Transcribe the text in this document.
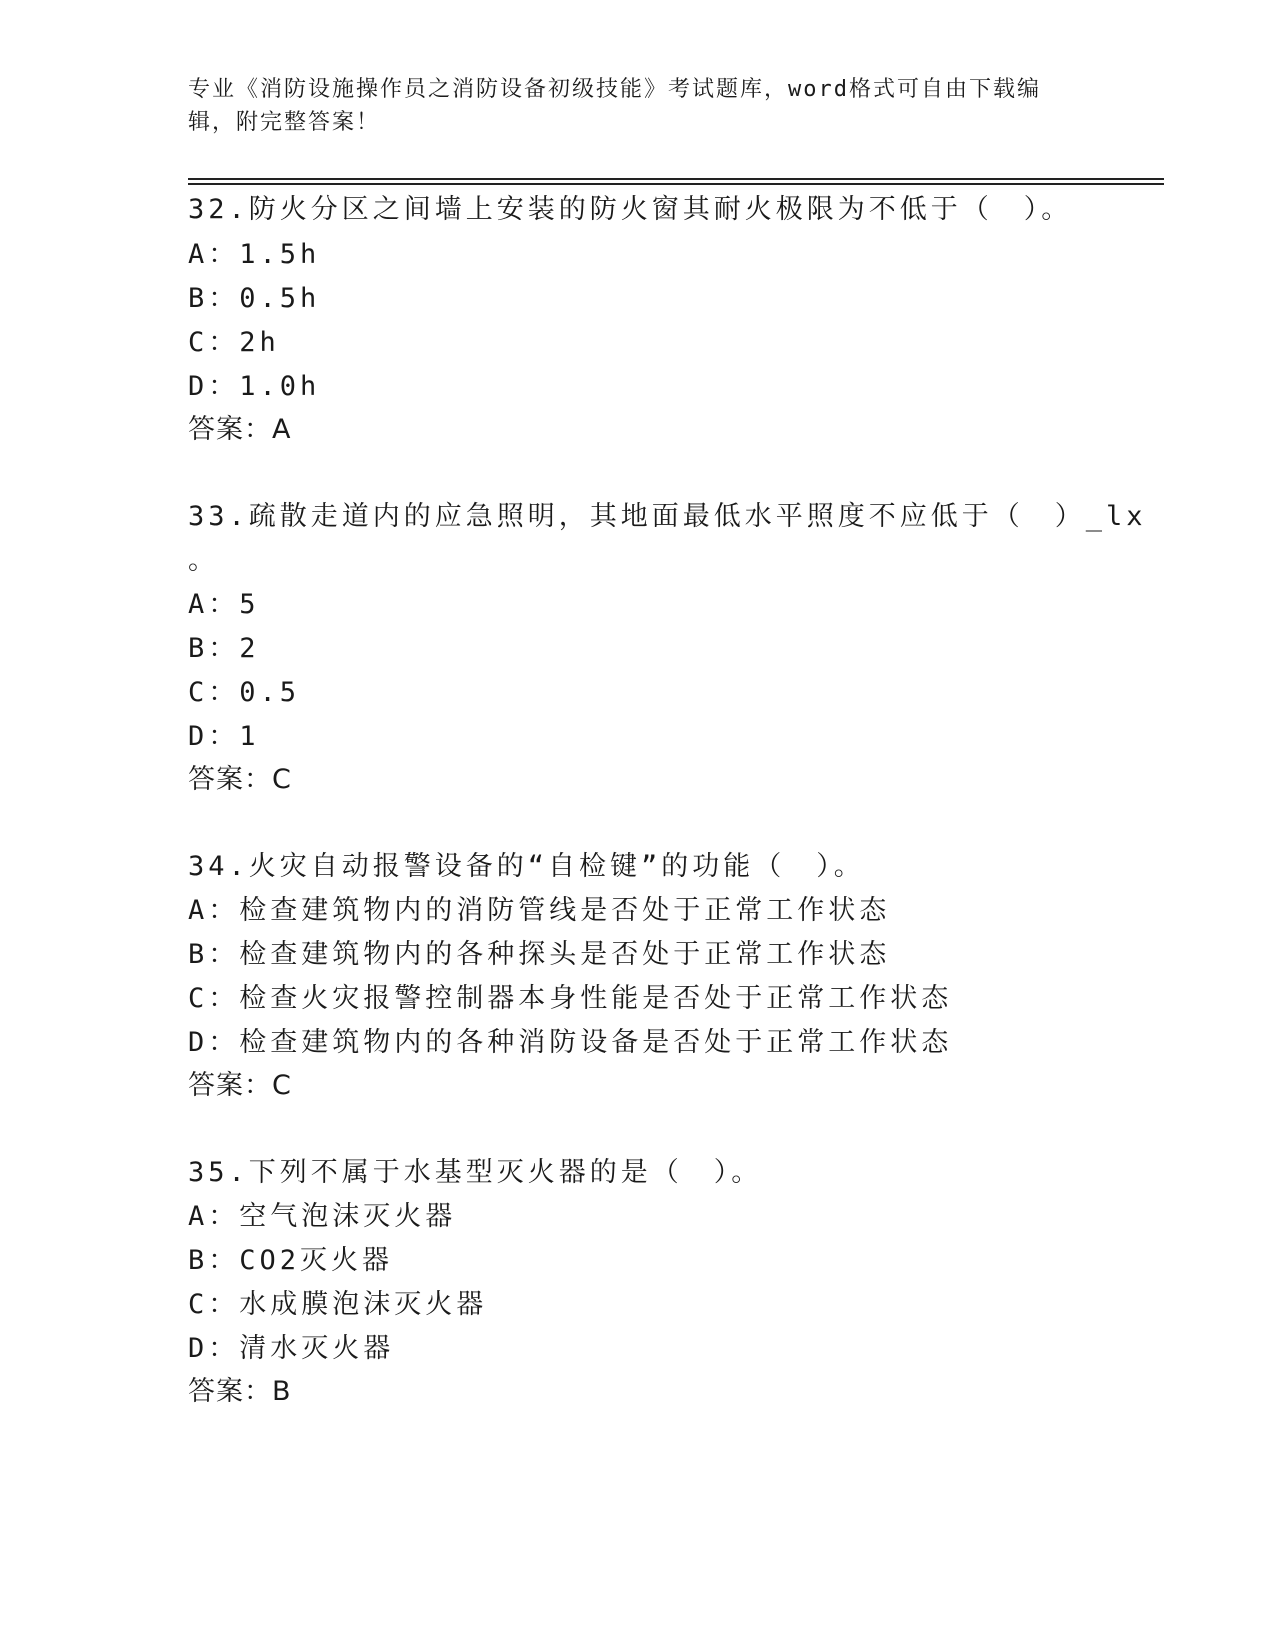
专业《消防设施操作员之消防设备初级技能》考试题库，word格式可自由下载编辑，附完整答案！

32.防火分区之间墙上安装的防火窗其耐火极限为不低于（　）。

A：1.5h

B：0.5h

C：2h

D：1.0h

答案：A

33.疏散走道内的应急照明，其地面最低水平照度不应低于（　）_lx

。

A：5

B：2

C：0.5

D：1

答案：C

34.火灾自动报警设备的“自检键”的功能（　）。

A：检查建筑物内的消防管线是否处于正常工作状态

B：检查建筑物内的各种探头是否处于正常工作状态

C：检查火灾报警控制器本身性能是否处于正常工作状态

D：检查建筑物内的各种消防设备是否处于正常工作状态

答案：C

35.下列不属于水基型灭火器的是（　）。

A：空气泡沫灭火器

B：CO2灭火器

C：水成膜泡沫灭火器

D：清水灭火器

答案：B
